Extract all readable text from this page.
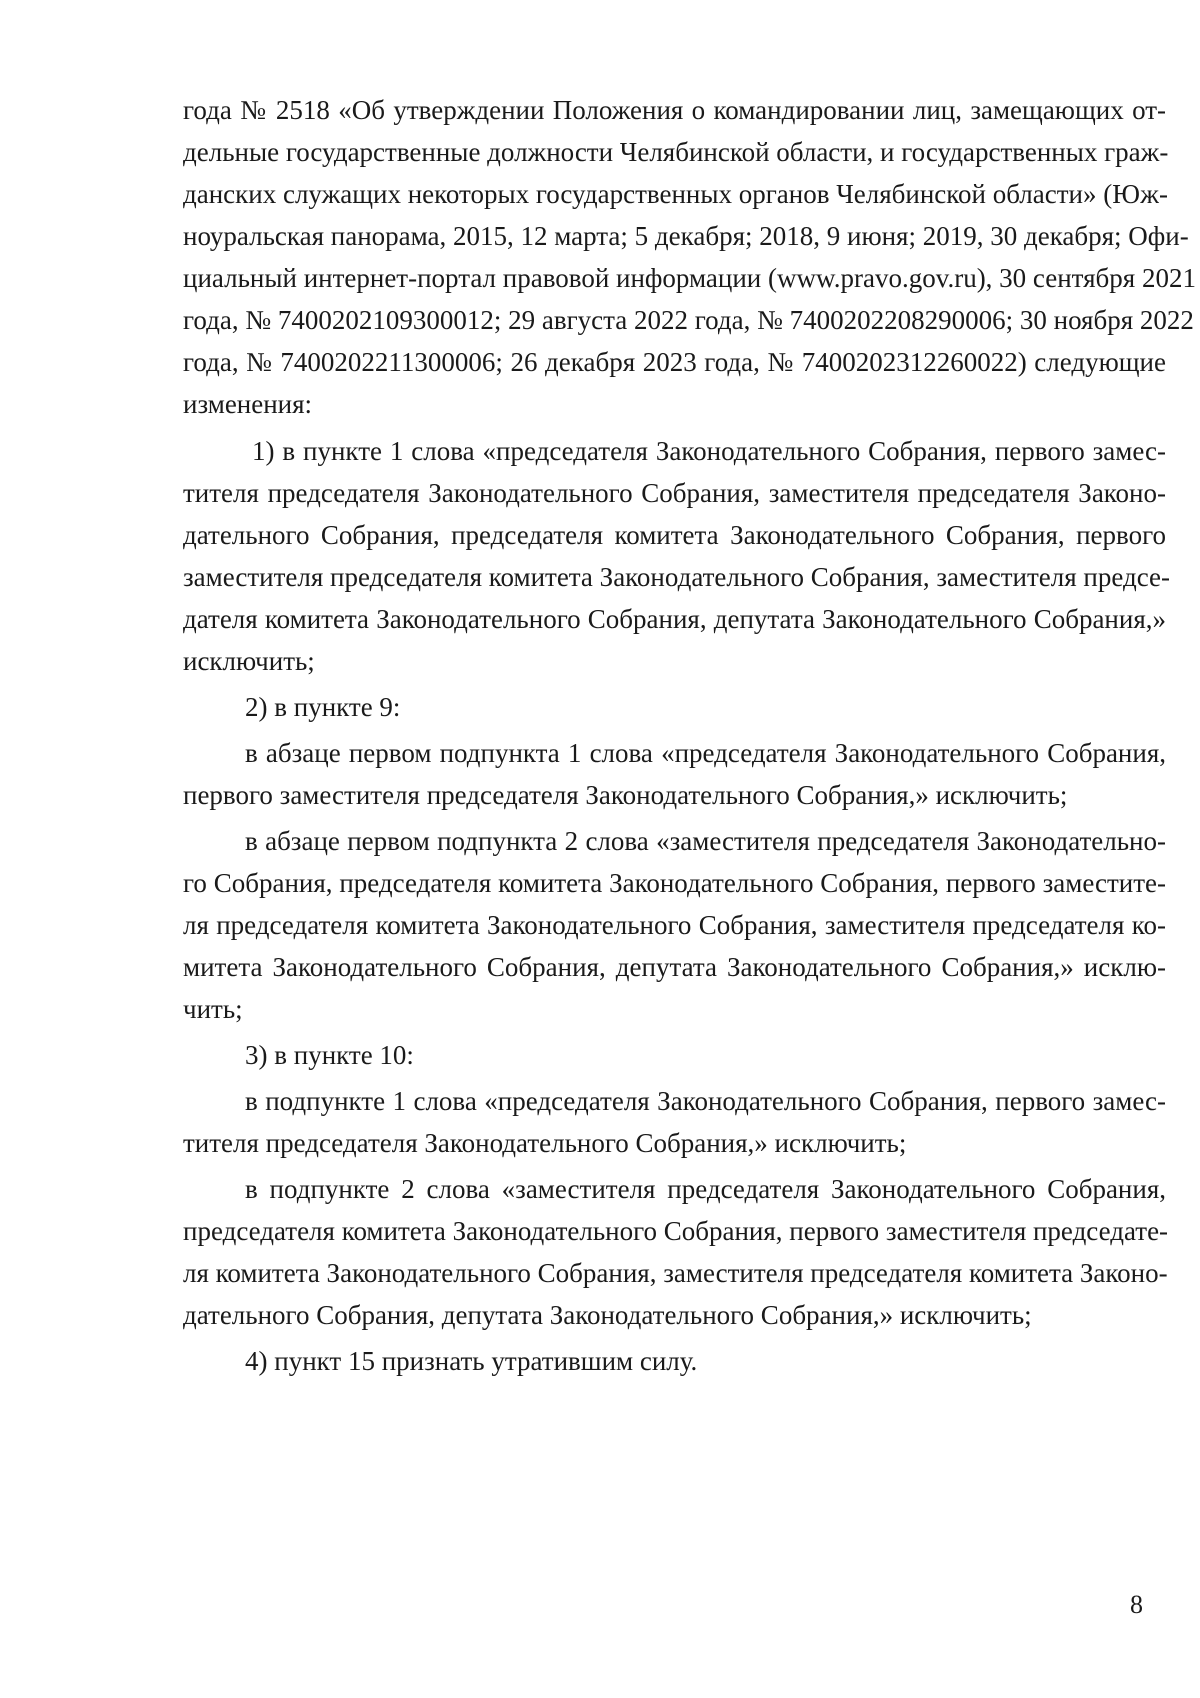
года № 2518 «Об утверждении Положения о командировании лиц, замещающих от-
дельные государственные должности Челябинской области, и государственных граж-
данских служащих некоторых государственных органов Челябинской области» (Юж-
ноуральская панорама, 2015, 12 марта; 5 декабря; 2018, 9 июня; 2019, 30 декабря; Офи-
циальный интернет-портал правовой информации (www.pravo.gov.ru), 30 сентября 2021
года, № 7400202109300012; 29 августа 2022 года, № 7400202208290006; 30 ноября 2022
года, № 7400202211300006; 26 декабря 2023 года, № 7400202312260022) следующие
изменения:
1) в пункте 1 слова «председателя Законодательного Собрания, первого замес-
тителя председателя Законодательного Собрания, заместителя председателя Законо-
дательного Собрания, председателя комитета Законодательного Собрания, первого
заместителя председателя комитета Законодательного Собрания, заместителя предсе-
дателя комитета Законодательного Собрания, депутата Законодательного Собрания,»
исключить;
2) в пункте 9:
в абзаце первом подпункта 1 слова «председателя Законодательного Собрания,
первого заместителя председателя Законодательного Собрания,» исключить;
в абзаце первом подпункта 2 слова «заместителя председателя Законодательно-
го Собрания, председателя комитета Законодательного Собрания, первого заместите-
ля председателя комитета Законодательного Собрания, заместителя председателя ко-
митета Законодательного Собрания, депутата Законодательного Собрания,» исклю-
чить;
3) в пункте 10:
в подпункте 1 слова «председателя Законодательного Собрания, первого замес-
тителя председателя Законодательного Собрания,» исключить;
в подпункте 2 слова «заместителя председателя Законодательного Собрания,
председателя комитета Законодательного Собрания, первого заместителя председате-
ля комитета Законодательного Собрания, заместителя председателя комитета Законо-
дательного Собрания, депутата Законодательного Собрания,» исключить;
4) пункт 15 признать утратившим силу.
8
